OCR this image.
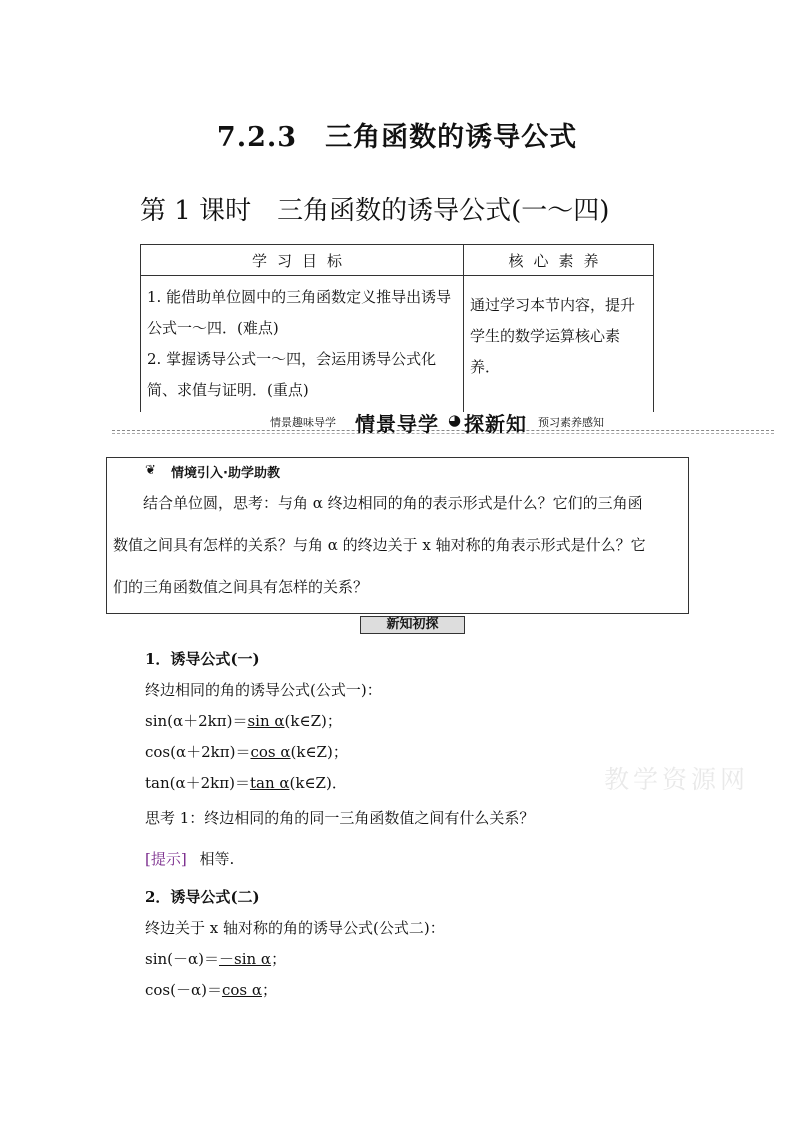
7.2.3　三角函数的诱导公式
第 1 课时　三角函数的诱导公式(一～四)
学习目标	核心素养

1. 能借助单位圆中的三角函数定义推导出诱导公式一～四．(难点)
2. 掌握诱导公式一～四，会运用诱导公式化简、求值与证明．(重点)	通过学习本节内容，提升学生的数学运算核心素养．
情景趣味导学 情景导学 ◕ 探新知 预习素养感知
❦ 情境引入·助学助教

结合单位圆，思考：与角 α 终边相同的角的表示形式是什么？它们的三角函

数值之间具有怎样的关系？与角 α 的终边关于 x 轴对称的角表示形式是什么？它

们的三角函数值之间具有怎样的关系？

新知初探
1．诱导公式(一)
终边相同的角的诱导公式(公式一)：
sin(α＋2kπ)＝sin α(k∈Z)；
cos(α＋2kπ)＝cos α(k∈Z)；
tan(α＋2kπ)＝tan α(k∈Z)．
思考 1：终边相同的角的同一三角函数值之间有什么关系？
[提示] 相等.
2．诱导公式(二)
终边关于 x 轴对称的角的诱导公式(公式二)：
sin(－α)＝－sin α；
cos(－α)＝cos α；
教学资源网
